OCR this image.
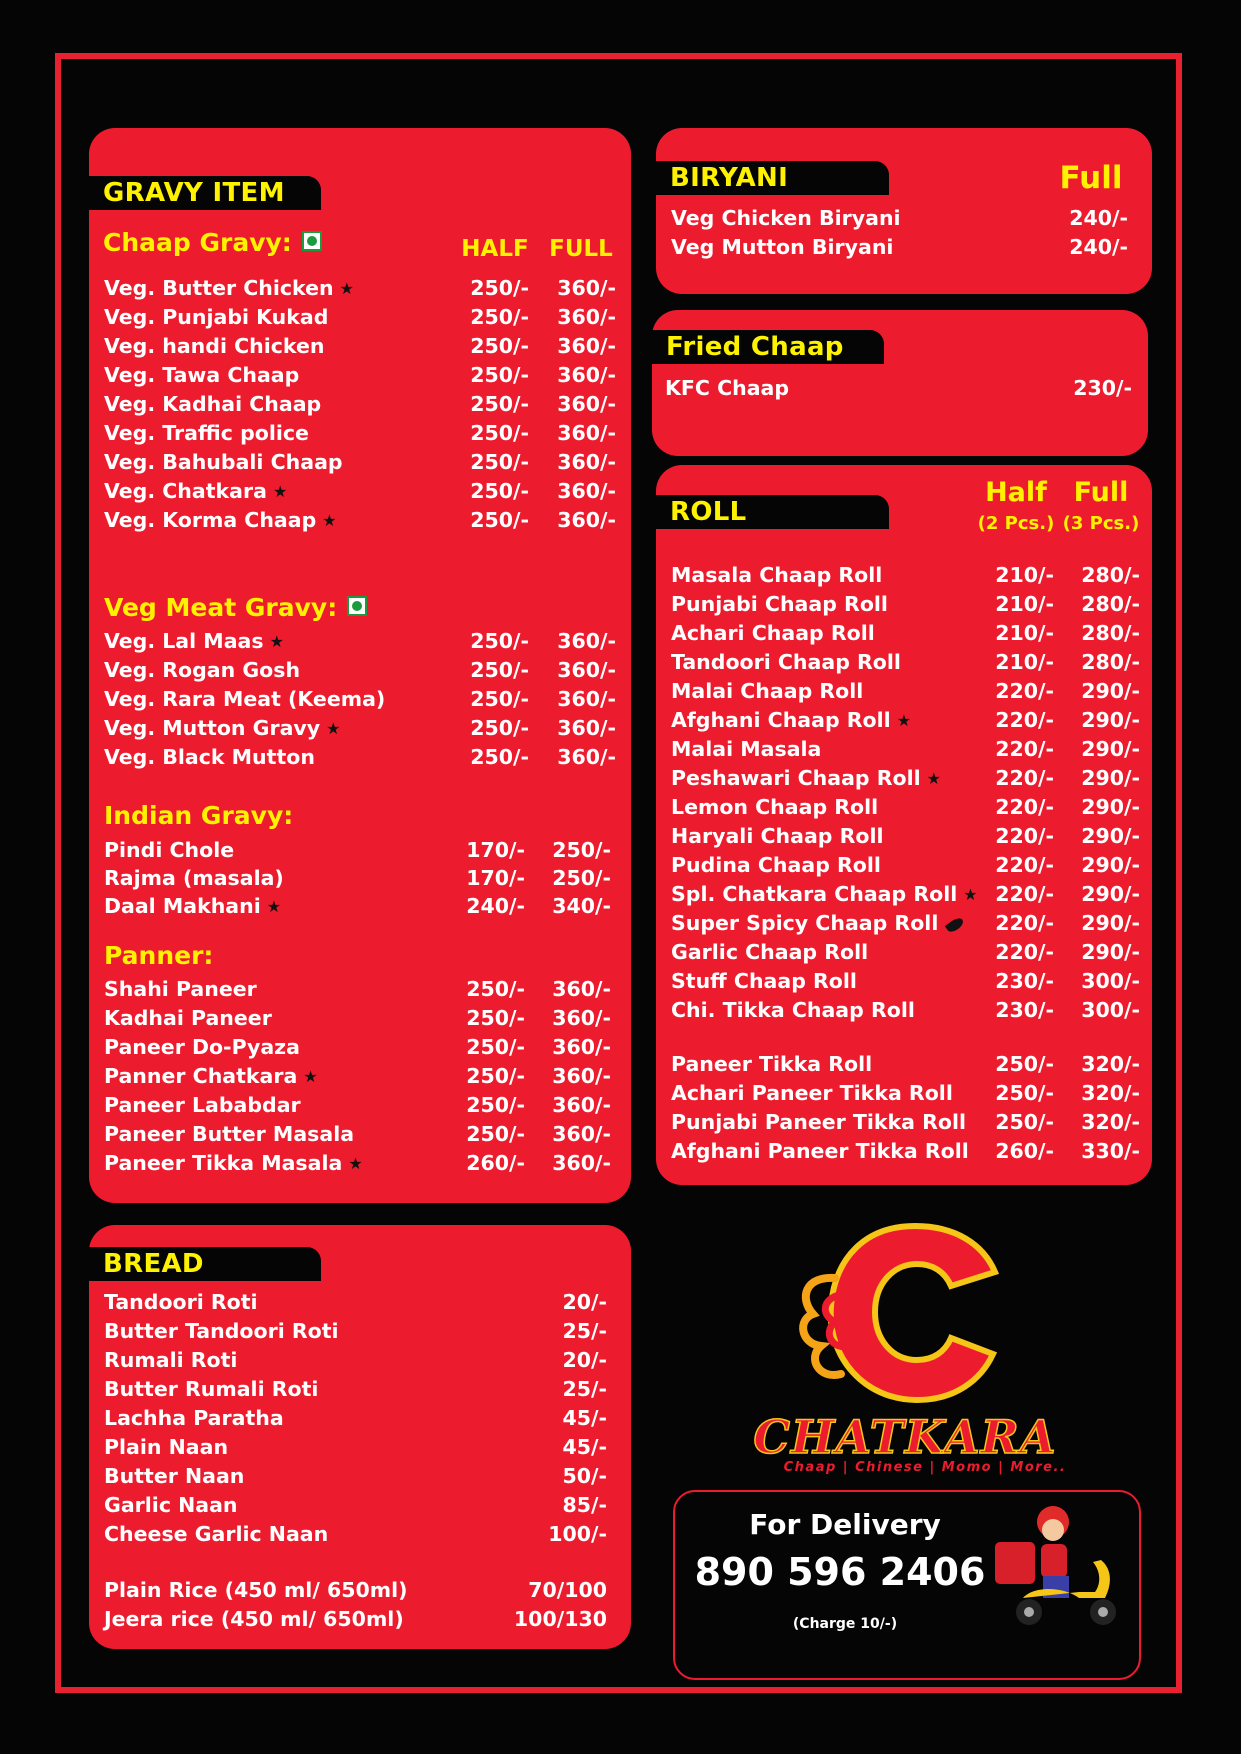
GRAVY ITEM
Chaap Gravy:	HALF FULL
Veg. Butter Chicken ★	250/-	360/-
Veg. Punjabi Kukad	250/-	360/-
Veg. handi Chicken	250/-	360/-
Veg. Tawa Chaap	250/-	360/-
Veg. Kadhai Chaap	250/-	360/-
Veg. Traffic police	250/-	360/-
Veg. Bahubali Chaap	250/-	360/-
Veg. Chatkara ★	250/-	360/-
Veg. Korma Chaap ★	250/-	360/-
Veg Meat Gravy:
Veg. Lal Maas ★	250/-	360/-
Veg. Rogan Gosh	250/-	360/-
Veg. Rara Meat (Keema)	250/-	360/-
Veg. Mutton Gravy ★	250/-	360/-
Veg. Black Mutton	250/-	360/-
Indian Gravy:
Pindi Chole	170/-	250/-
Rajma (masala)	170/-	250/-
Daal Makhani ★	240/-	340/-
Panner:
Shahi Paneer	250/-	360/-
Kadhai Paneer	250/-	360/-
Paneer Do-Pyaza	250/-	360/-
Panner Chatkara ★	250/-	360/-
Paneer Lababdar	250/-	360/-
Paneer Butter Masala	250/-	360/-
Paneer Tikka Masala ★	260/-	360/-
BREAD
Tandoori Roti	20/-
Butter Tandoori Roti	25/-
Rumali Roti	20/-
Butter Rumali Roti	25/-
Lachha Paratha	45/-
Plain Naan	45/-
Butter Naan	50/-
Garlic Naan	85/-
Cheese Garlic Naan	100/-
Plain Rice (450 ml/ 650ml)	70/100
Jeera rice (450 ml/ 650ml)	100/130
BIRYANI	Full
Veg Chicken Biryani	240/-
Veg Mutton Biryani	240/-
Fried Chaap
KFC Chaap	230/-
ROLL
Half Full
(2 Pcs.) (3 Pcs.)
Masala Chaap Roll	210/-	280/-
Punjabi Chaap Roll	210/-	280/-
Achari Chaap Roll	210/-	280/-
Tandoori Chaap Roll	210/-	280/-
Malai Chaap Roll	220/-	290/-
Afghani Chaap Roll ★	220/-	290/-
Malai Masala	220/-	290/-
Peshawari Chaap Roll ★	220/-	290/-
Lemon Chaap Roll	220/-	290/-
Haryali Chaap Roll	220/-	290/-
Pudina Chaap Roll	220/-	290/-
Spl. Chatkara Chaap Roll ★ 220/-	290/-
Super Spicy Chaap Roll	220/-	290/-
Garlic Chaap Roll	220/-	290/-
Stuff Chaap Roll	230/-	300/-
Chi. Tikka Chaap Roll	230/-	300/-
Paneer Tikka Roll	250/-	320/-
Achari Paneer Tikka Roll	250/-	320/-
Punjabi Paneer Tikka Roll	250/-	320/-
Afghani Paneer Tikka Roll	260/-	330/-
CHATKARA
Chaap | Chinese | Momo | More..
For Delivery
890 596 2406
(Charge 10/-)
